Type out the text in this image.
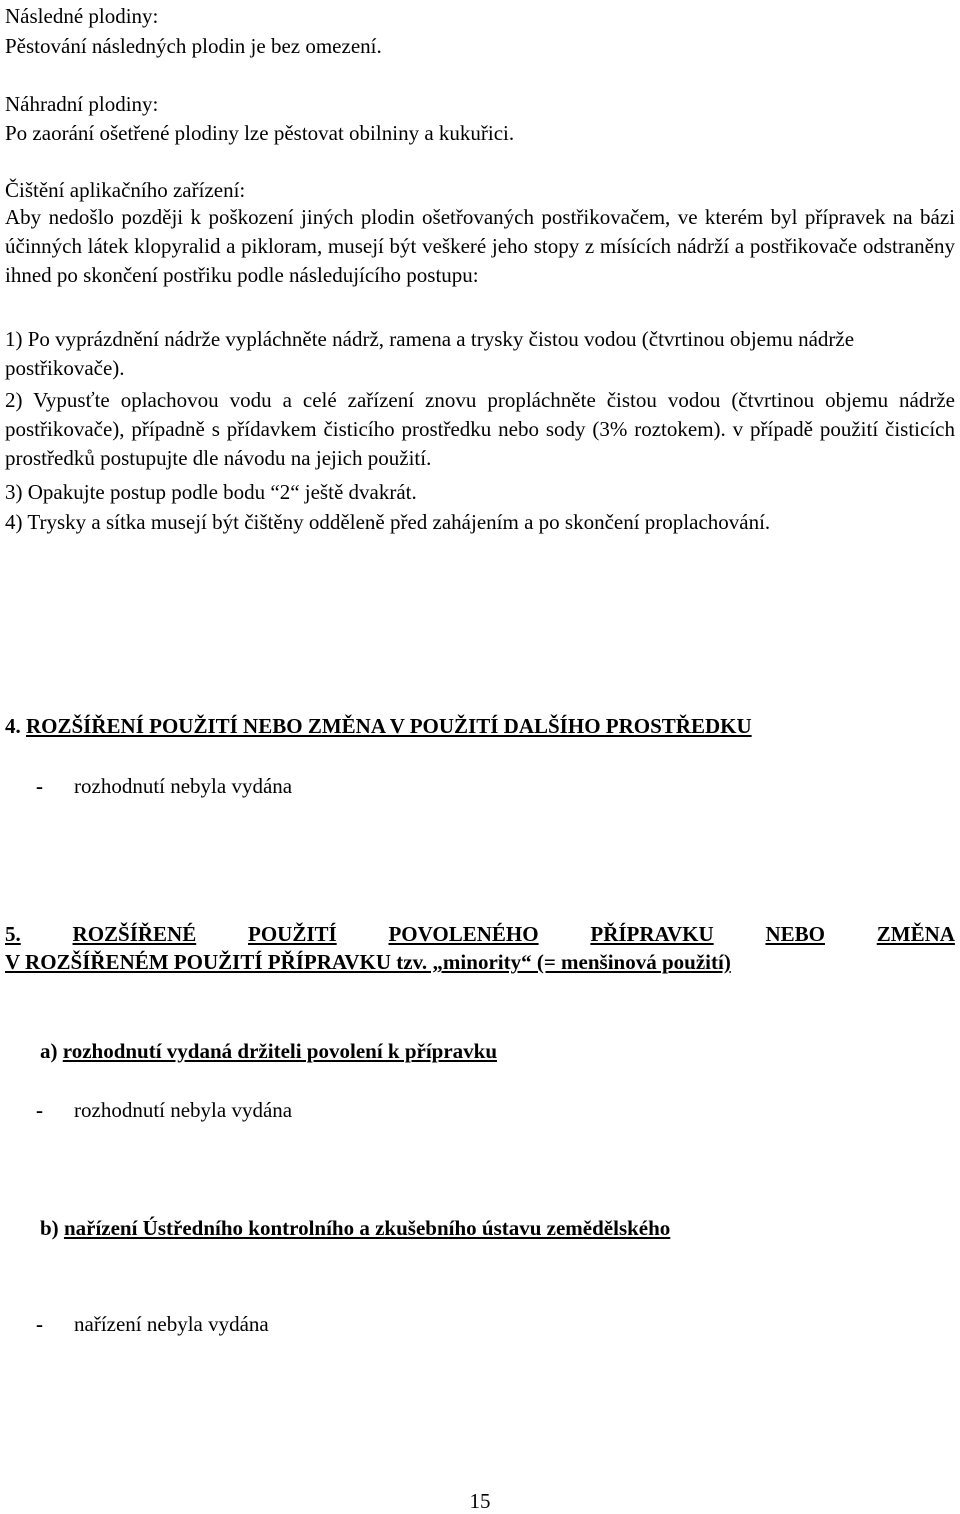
Následné plodiny:
Pěstování následných plodin je bez omezení.
Náhradní plodiny:
Po zaorání ošetřené plodiny lze pěstovat obilniny a kukuřici.
Čištění aplikačního zařízení:
Aby nedošlo později k poškození jiných plodin ošetřovaných postřikovačem, ve kterém byl přípravek na bázi účinných látek klopyralid a pikloram, musejí být veškeré jeho stopy z mísících nádrží a postřikovače odstraněny ihned po skončení postřiku podle následujícího postupu:
1) Po vyprázdnění nádrže vypláchněte nádrž, ramena a trysky čistou vodou (čtvrtinou objemu nádrže postřikovače).
2) Vypusťte oplachovou vodu a celé zařízení znovu propláchněte čistou vodou (čtvrtinou objemu nádrže postřikovače), případně s přídavkem čisticího prostředku nebo sody (3% roztokem). v případě použití čisticích prostředků postupujte dle návodu na jejich použití.
3) Opakujte postup podle bodu “2“ ještě dvakrát.
4) Trysky a sítka musejí být čištěny odděleně před zahájením a po skončení proplachování.
4. ROZŠÍŘENÍ POUŽITÍ NEBO ZMĚNA V POUŽITÍ DALŠÍHO PROSTŘEDKU
- rozhodnutí nebyla vydána
5. ROZŠÍŘENÉ POUŽITÍ POVOLENÉHO PŘÍPRAVKU NEBO ZMĚNA
V ROZŠÍŘENÉM POUŽITÍ PŘÍPRAVKU tzv. „minority“ (= menšinová použití)
a) rozhodnutí vydaná držiteli povolení k přípravku
- rozhodnutí nebyla vydána
b) nařízení Ústředního kontrolního a zkušebního ústavu zemědělského
- nařízení nebyla vydána
15
